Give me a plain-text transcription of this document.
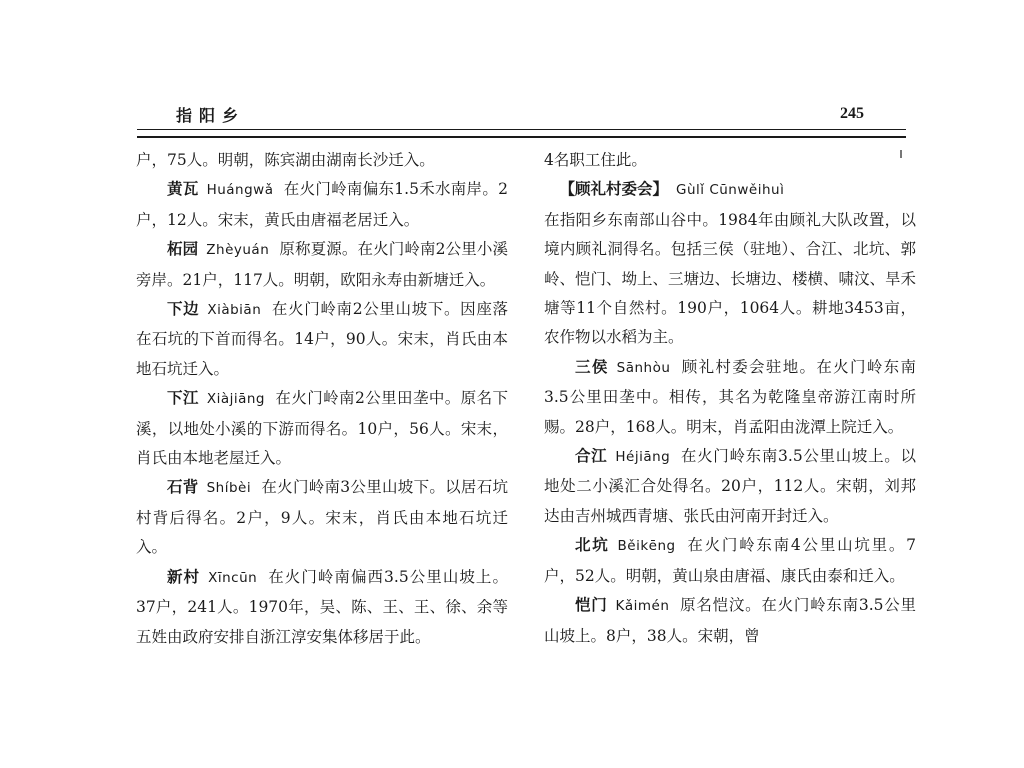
指阳乡	245

户，75人。明朝，陈宾湖由湖南长沙迁入。

黄瓦 Huángwǎ 在火门岭南偏东1.5禾水南岸。2户，12人。宋末，黄氏由唐福老居迁入。

柘园 Zhèyuán 原称夏源。在火门岭南2公里小溪旁岸。21户，117人。明朝，欧阳永寿由新塘迁入。

下边 Xiàbiān 在火门岭南2公里山坡下。因座落在石坑的下首而得名。14户，90人。宋末，肖氏由本地石坑迁入。

下江 Xiàjiāng 在火门岭南2公里田垄中。原名下溪，以地处小溪的下游而得名。10户，56人。宋末，肖氏由本地老屋迁入。

石背 Shíbèi 在火门岭南3公里山坡下。以居石坑村背后得名。2户，9人。宋末，肖氏由本地石坑迁入。

新村 Xīncūn 在火门岭南偏西3.5公里山坡上。37户，241人。1970年，吴、陈、王、王、徐、余等五姓由政府安排自浙江淳安集体移居于此。

4名职工住此。

【顾礼村委会】 Gùlǐ Cūnwěihuì

在指阳乡东南部山谷中。1984年由顾礼大队改置，以境内顾礼洞得名。包括三侯（驻地）、合江、北坑、郭岭、恺门、坳上、三塘边、长塘边、楼横、啸汶、旱禾塘等11个自然村。190户，1064人。耕地3453亩，农作物以水稻为主。

三侯 Sānhòu 顾礼村委会驻地。在火门岭东南3.5公里田垄中。相传，其名为乾隆皇帝游江南时所赐。28户，168人。明末，肖孟阳由泷潭上院迁入。

合江 Héjiāng 在火门岭东南3.5公里山坡上。以地处二小溪汇合处得名。20户，112人。宋朝，刘邦达由吉州城西青塘、张氏由河南开封迁入。

北坑 Běikēng 在火门岭东南4公里山坑里。7户，52人。明朝，黄山泉由唐福、康氏由泰和迁入。

恺门 Kǎimén 原名恺汶。在火门岭东南3.5公里山坡上。8户，38人。宋朝，曾
